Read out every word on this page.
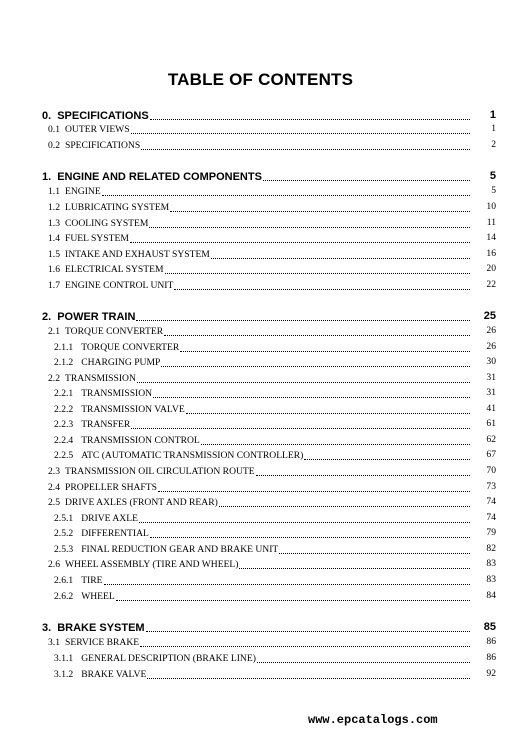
TABLE OF CONTENTS
0. SPECIFICATIONS	1
0.1 OUTER VIEWS	1
0.2 SPECIFICATIONS	2
1. ENGINE AND RELATED COMPONENTS	5
1.1 ENGINE	5
1.2 LUBRICATING SYSTEM	10
1.3 COOLING SYSTEM	11
1.4 FUEL SYSTEM	14
1.5 INTAKE AND EXHAUST SYSTEM	16
1.6 ELECTRICAL SYSTEM	20
1.7 ENGINE CONTROL UNIT	22
2. POWER TRAIN	25
2.1 TORQUE CONVERTER	26
2.1.1 TORQUE CONVERTER	26
2.1.2 CHARGING PUMP	30
2.2 TRANSMISSION	31
2.2.1 TRANSMISSION	31
2.2.2 TRANSMISSION VALVE	41
2.2.3 TRANSFER	61
2.2.4 TRANSMISSION CONTROL	62
2.2.5 ATC (AUTOMATIC TRANSMISSION CONTROLLER)	67
2.3 TRANSMISSION OIL CIRCULATION ROUTE	70
2.4 PROPELLER SHAFTS	73
2.5 DRIVE AXLES (FRONT AND REAR)	74
2.5.1 DRIVE AXLE	74
2.5.2 DIFFERENTIAL	79
2.5.3 FINAL REDUCTION GEAR AND BRAKE UNIT	82
2.6 WHEEL ASSEMBLY (TIRE AND WHEEL)	83
2.6.1 TIRE	83
2.6.2 WHEEL	84
3. BRAKE SYSTEM	85
3.1 SERVICE BRAKE	86
3.1.1 GENERAL DESCRIPTION (BRAKE LINE)	86
3.1.2 BRAKE VALVE	92
www.epcatalogs.com
